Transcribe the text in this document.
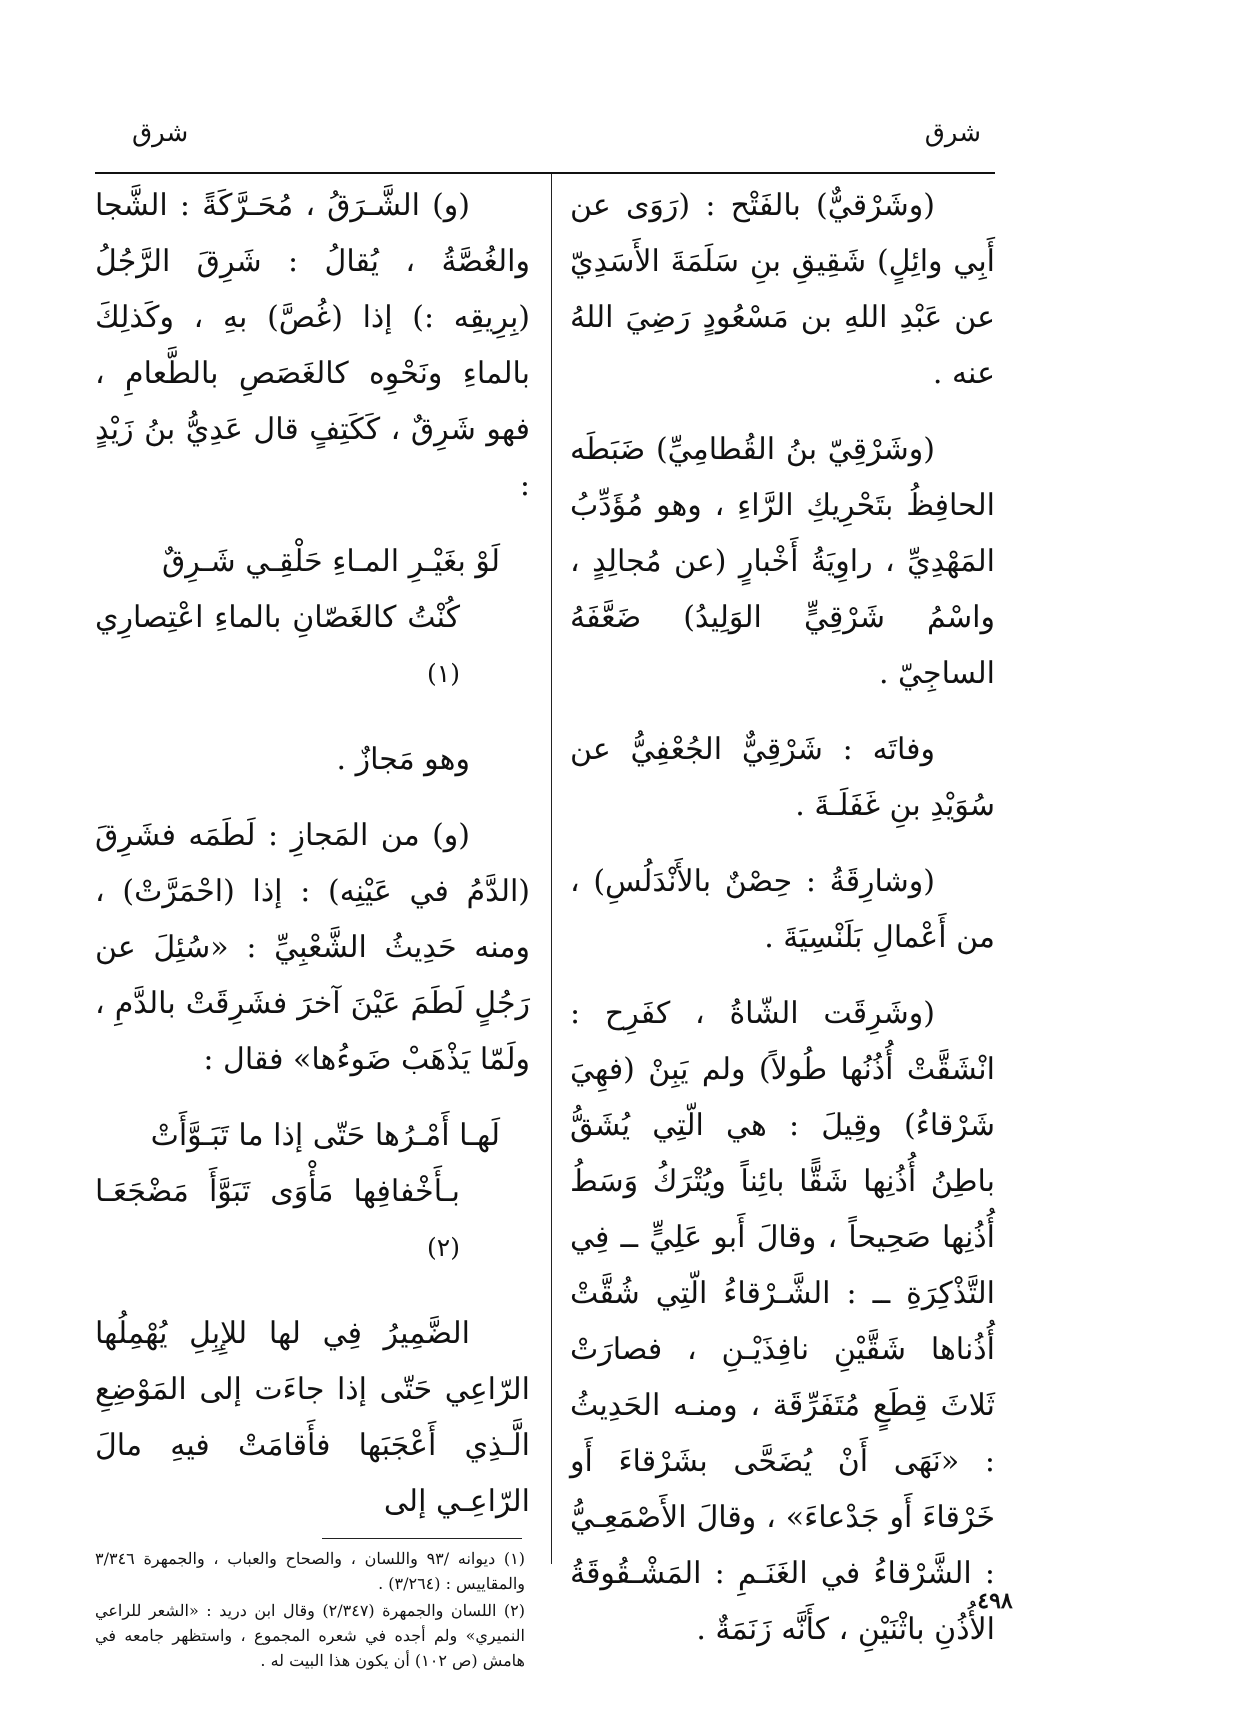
شرق
شرق

(وشَرْقيٌّ) بالفَتْح : (رَوَى عن أَبِي وائِلٍ) شَقِيقِ بنِ سَلَمَةَ الأَسَدِيّ عن عَبْدِ اللهِ بن مَسْعُودٍ رَضِيَ اللهُ عنه .

(وشَرْقِيّ بنُ القُطامِيِّ) ضَبَطَه الحافِظُ بتَحْرِيكِ الرَّاءِ ، وهو مُؤَدِّبُ المَهْدِيِّ ، راوِيَةُ أَخْبارٍ (عن مُجالِدٍ ، واسْمُ شَرْقِيٍّ الوَلِيدُ) ضَعَّفَهُ الساجِيّ .

وفاتَه : شَرْقِيٌّ الجُعْفِيُّ عن سُوَيْدِ بنِ غَفَلَـةَ .

(وشارِقَةُ : حِصْنٌ بالأَنْدَلُسِ) ، من أَعْمالِ بَلَنْسِيَةَ .

(وشَرِقَت الشّاةُ ، كفَرِح : انْشَقَّتْ أُذُنُها طُولاً) ولم يَبِنْ (فهِيَ شَرْقاءُ) وقِيلَ : هي الّتِي يُشَقُّ باطِنُ أُذُنِها شَقًّا بائِناً ويُتْرَكُ وَسَطُ أُذُنِها صَحِيحاً ، وقالَ أَبو عَلِيٍّ ــ فِي التَّذْكِرَةِ ــ : الشَّـرْقاءُ الّتِي شُقَّتْ أُذُناها شَقَّيْنِ نافِذَيْـنِ ، فصارَتْ ثَلاثَ قِطَعٍ مُتَفَرِّقَة ، ومنـه الحَدِيثُ : «نَهَى أَنْ يُضَحَّى بشَرْقاءَ أَو خَرْقاءَ أَو جَدْعاءَ» ، وقالَ الأَصْمَعِـيُّ : الشَّرْقاءُ في الغَنَـمِ : المَشْـقُوقَةُ الأُذُنِ باثْنَيْنِ ، كأَنَّه زَنَمَةٌ .

(و) الشَّـرَقُ ، مُحَـرَّكَةً : الشَّجا والغُصَّةُ ، يُقالُ : شَرِقَ الرَّجُلُ (بِرِيقِه :) إذا (غُصَّ) بهِ ، وكَذلِكَ بالماءِ ونَحْوِه كالغَصَصِ بالطَّعامِ ، فهو شَرِقٌ ، كَكَتِفٍ قال عَدِيُّ بنُ زَيْدٍ :

لَوْ بغَيْـرِ المـاءِ حَلْقِـي شَـرِقٌ
كُنْتُ كالغَصّانِ بالماءِ اعْتِصارِي $^{(١)}$

وهو مَجازٌ .

(و) من المَجازِ : لَطَمَه فشَرِقَ (الدَّمُ في عَيْنِه) : إذا (احْمَرَّتْ) ، ومنه حَدِيثُ الشَّعْبِيِّ : «سُئِلَ عن رَجُلٍ لَطَمَ عَيْنَ آخرَ فشَرِقَتْ بالدَّمِ ، ولَمّا يَذْهَبْ ضَوءُها» فقال :

لَهـا أَمْـرُها حَتّى إذا ما تَبَـوَّأَتْ
بـأَخْفافِها مَأْوَى تَبَوَّأَ مَضْجَعَـا $^{(٢)}$

الضَّمِيرُ فِي لها للإِبِلِ يُهْمِلُها الرّاعِي حَتّى إذا جاءَت إلى المَوْضِعِ الَّـذِي أَعْجَبَها فأَقامَتْ فيهِ مالَ الرّاعِـي إلى

(١) ديوانه /٩٣ واللسان ، والصحاح والعباب ، والجمهرة ٣/٣٤٦ والمقاييس : (٣/٢٦٤) .

(٢) اللسان والجمهرة (٢/٣٤٧) وقال ابن دريد : «الشعر للراعي النميري» ولم أجده في شعره المجموع ، واستظهر جامعه في هامش (ص ١٠٢) أن يكون هذا البيت له .

٤٩٨
